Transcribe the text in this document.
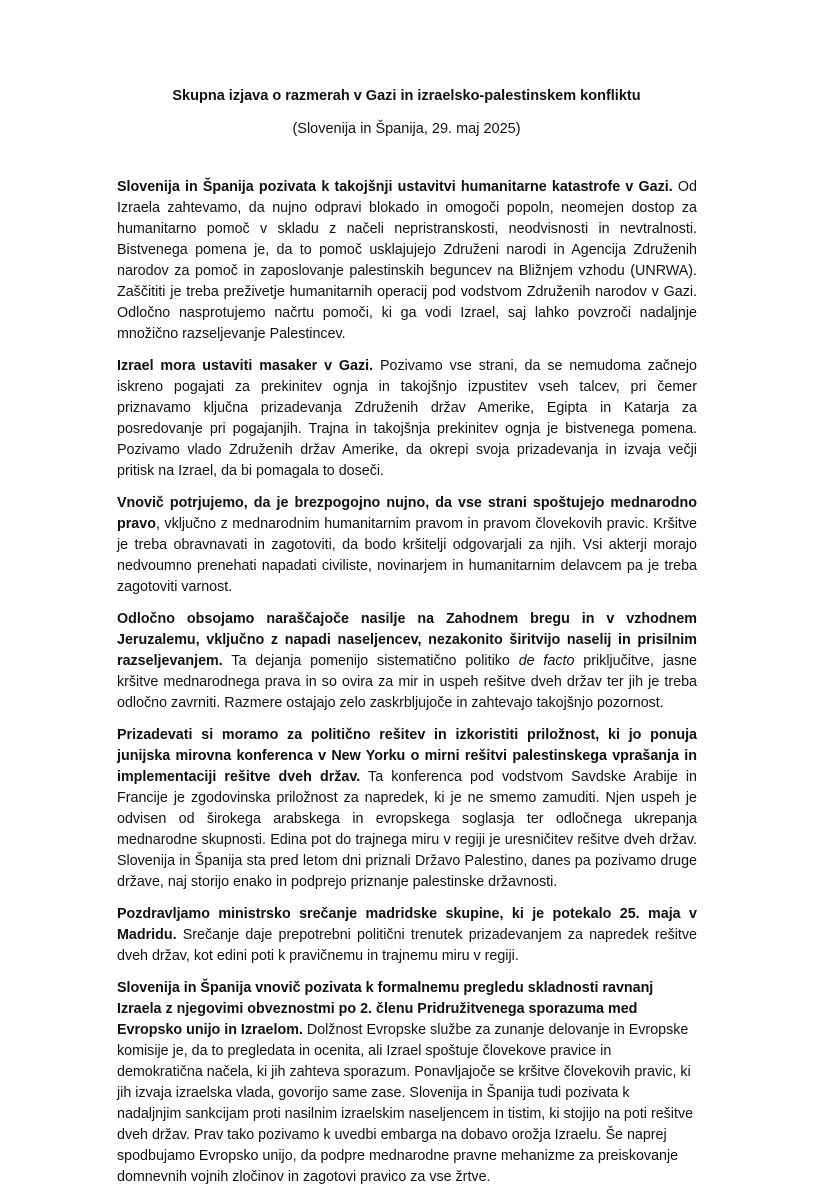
Skupna izjava o razmerah v Gazi in izraelsko-palestinskem konfliktu
(Slovenija in Španija, 29. maj 2025)

Slovenija in Španija pozivata k takojšnji ustavitvi humanitarne katastrofe v Gazi. Od Izraela zahtevamo, da nujno odpravi blokado in omogoči popoln, neomejen dostop za humanitarno pomoč v skladu z načeli nepristranskosti, neodvisnosti in nevtralnosti. Bistvenega pomena je, da to pomoč usklajujejo Združeni narodi in Agencija Združenih narodov za pomoč in zaposlovanje palestinskih beguncev na Bližnjem vzhodu (UNRWA). Zaščititi je treba preživetje humanitarnih operacij pod vodstvom Združenih narodov v Gazi. Odločno nasprotujemo načrtu pomoči, ki ga vodi Izrael, saj lahko povzroči nadaljnje množično razseljevanje Palestincev.

Izrael mora ustaviti masaker v Gazi. Pozivamo vse strani, da se nemudoma začnejo iskreno pogajati za prekinitev ognja in takojšnjo izpustitev vseh talcev, pri čemer priznavamo ključna prizadevanja Združenih držav Amerike, Egipta in Katarja za posredovanje pri pogajanjih. Trajna in takojšnja prekinitev ognja je bistvenega pomena. Pozivamo vlado Združenih držav Amerike, da okrepi svoja prizadevanja in izvaja večji pritisk na Izrael, da bi pomagala to doseči.

Vnovič potrjujemo, da je brezpogojno nujno, da vse strani spoštujejo mednarodno pravo, vključno z mednarodnim humanitarnim pravom in pravom človekovih pravic. Kršitve je treba obravnavati in zagotoviti, da bodo kršitelji odgovarjali za njih. Vsi akterji morajo nedvoumno prenehati napadati civiliste, novinarjem in humanitarnim delavcem pa je treba zagotoviti varnost.

Odločno obsojamo naraščajoče nasilje na Zahodnem bregu in v vzhodnem Jeruzalemu, vključno z napadi naseljencev, nezakonito širitvijo naselij in prisilnim razseljevanjem. Ta dejanja pomenijo sistematično politiko de facto priključitve, jasne kršitve mednarodnega prava in so ovira za mir in uspeh rešitve dveh držav ter jih je treba odločno zavrniti. Razmere ostajajo zelo zaskrbljujoče in zahtevajo takojšnjo pozornost.

Prizadevati si moramo za politično rešitev in izkoristiti priložnost, ki jo ponuja junijska mirovna konferenca v New Yorku o mirni rešitvi palestinskega vprašanja in implementaciji rešitve dveh držav. Ta konferenca pod vodstvom Savdske Arabije in Francije je zgodovinska priložnost za napredek, ki je ne smemo zamuditi. Njen uspeh je odvisen od širokega arabskega in evropskega soglasja ter odločnega ukrepanja mednarodne skupnosti. Edina pot do trajnega miru v regiji je uresničitev rešitve dveh držav. Slovenija in Španija sta pred letom dni priznali Državo Palestino, danes pa pozivamo druge države, naj storijo enako in podprejo priznanje palestinske državnosti.

Pozdravljamo ministrsko srečanje madridske skupine, ki je potekalo 25. maja v Madridu. Srečanje daje prepotrebni politični trenutek prizadevanjem za napredek rešitve dveh držav, kot edini poti k pravičnemu in trajnemu miru v regiji.

Slovenija in Španija vnovič pozivata k formalnemu pregledu skladnosti ravnanj Izraela z njegovimi obveznostmi po 2. členu Pridružitvenega sporazuma med Evropsko unijo in Izraelom. Dolžnost Evropske službe za zunanje delovanje in Evropske komisije je, da to pregledata in ocenita, ali Izrael spoštuje človekove pravice in demokratična načela, ki jih zahteva sporazum. Ponavljajoče se kršitve človekovih pravic, ki jih izvaja izraelska vlada, govorijo same zase. Slovenija in Španija tudi pozivata k nadaljnjim sankcijam proti nasilnim izraelskim naseljencem in tistim, ki stojijo na poti rešitve dveh držav. Prav tako pozivamo k uvedbi embarga na dobavo orožja Izraelu. Še naprej spodbujamo Evropsko unijo, da podpre mednarodne pravne mehanizme za preiskovanje domnevnih vojnih zločinov in zagotovi pravico za vse žrtve.
